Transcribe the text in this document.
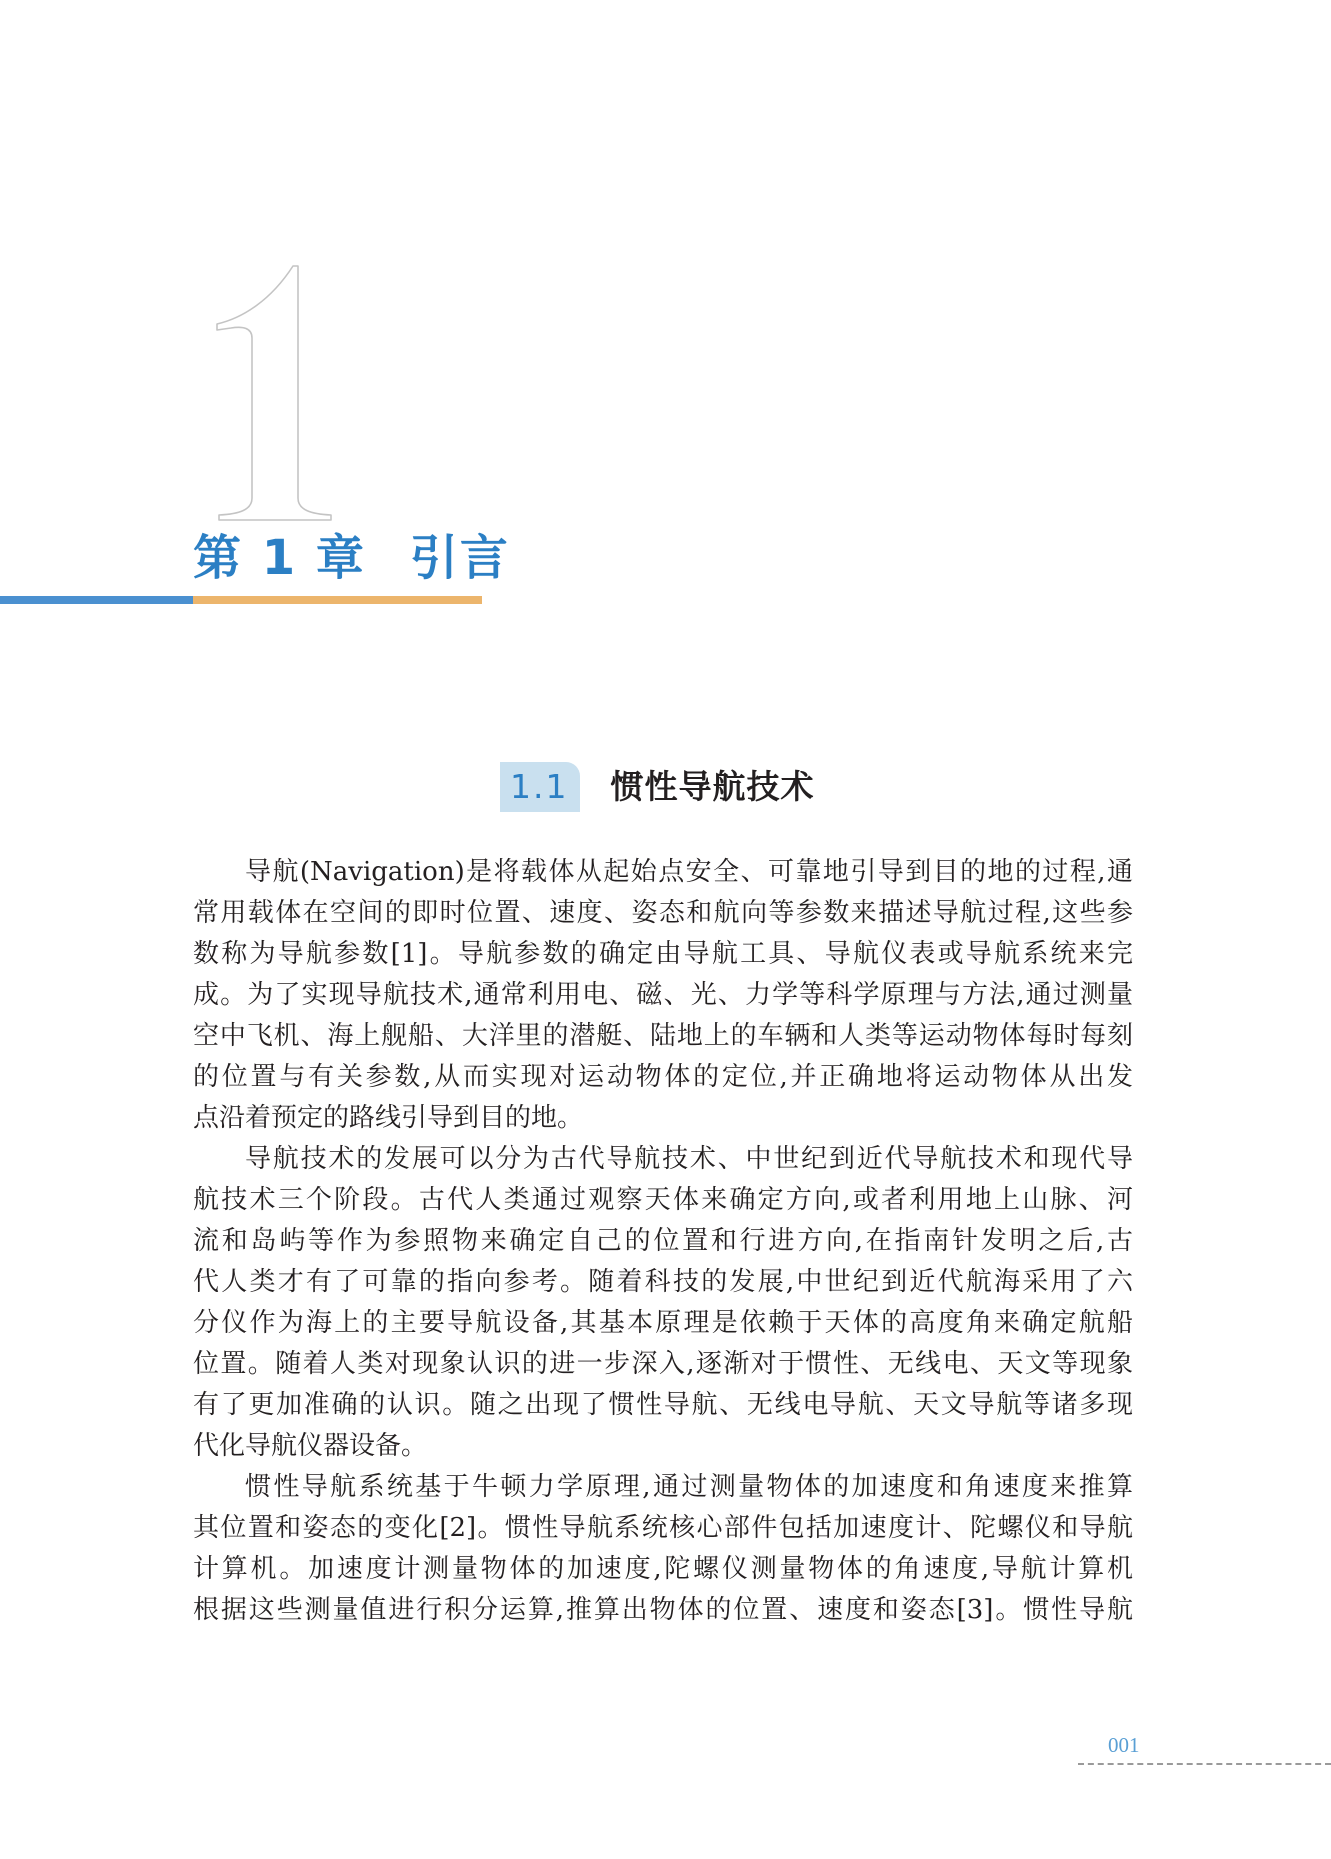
1
第 1 章 引言
1.1	惯性导航技术
导航(Navigation)是将载体从起始点安全、可靠地引导到目的地的过程,通
常用载体在空间的即时位置、速度、姿态和航向等参数来描述导航过程,这些参
数称为导航参数[1]。导航参数的确定由导航工具、导航仪表或导航系统来完
成。为了实现导航技术,通常利用电、磁、光、力学等科学原理与方法,通过测量
空中飞机、海上舰船、大洋里的潜艇、陆地上的车辆和人类等运动物体每时每刻
的位置与有关参数,从而实现对运动物体的定位,并正确地将运动物体从出发
点沿着预定的路线引导到目的地。
导航技术的发展可以分为古代导航技术、中世纪到近代导航技术和现代导
航技术三个阶段。古代人类通过观察天体来确定方向,或者利用地上山脉、河
流和岛屿等作为参照物来确定自己的位置和行进方向,在指南针发明之后,古
代人类才有了可靠的指向参考。随着科技的发展,中世纪到近代航海采用了六
分仪作为海上的主要导航设备,其基本原理是依赖于天体的高度角来确定航船
位置。随着人类对现象认识的进一步深入,逐渐对于惯性、无线电、天文等现象
有了更加准确的认识。随之出现了惯性导航、无线电导航、天文导航等诸多现
代化导航仪器设备。
惯性导航系统基于牛顿力学原理,通过测量物体的加速度和角速度来推算
其位置和姿态的变化[2]。惯性导航系统核心部件包括加速度计、陀螺仪和导航
计算机。加速度计测量物体的加速度,陀螺仪测量物体的角速度,导航计算机
根据这些测量值进行积分运算,推算出物体的位置、速度和姿态[3]。惯性导航
001
